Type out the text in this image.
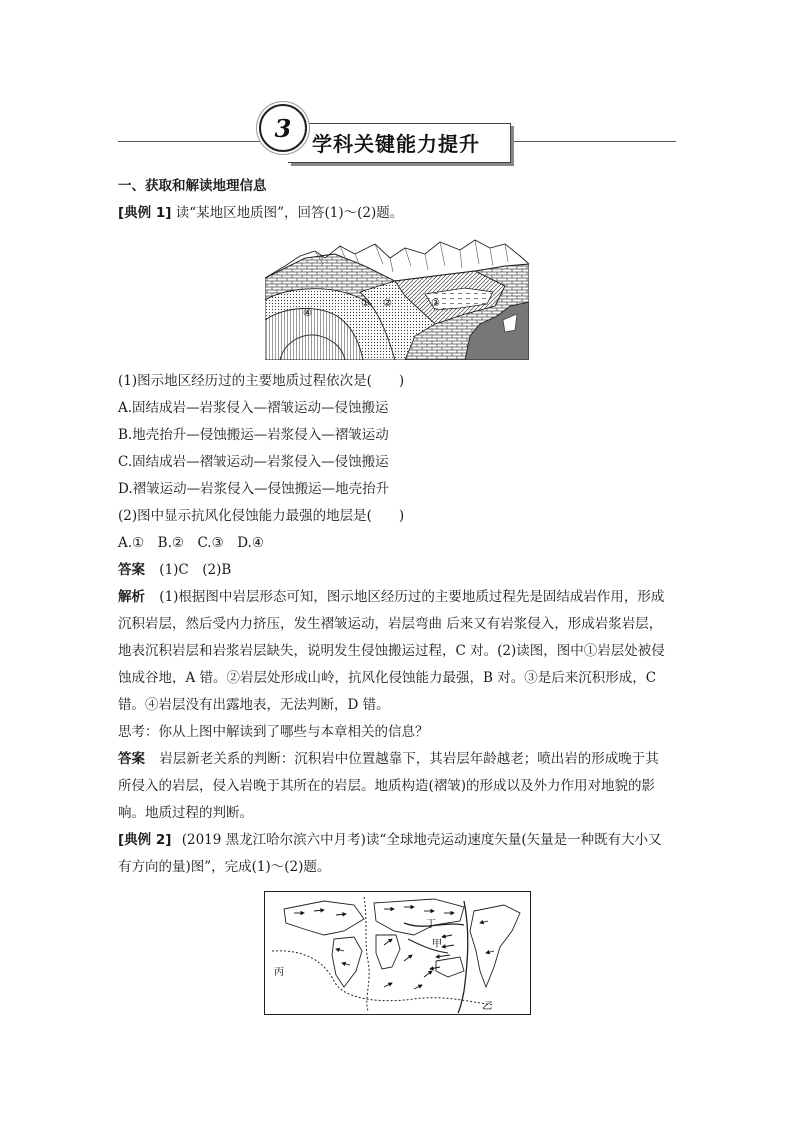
3
学科关键能力提升
一、获取和解读地理信息
[典例 1] 读“某地区地质图”，回答(1)～(2)题。
① ②	③
④
(1)图示地区经历过的主要地质过程依次是(　　)
A.固结成岩—岩浆侵入—褶皱运动—侵蚀搬运
B.地壳抬升—侵蚀搬运—岩浆侵入—褶皱运动
C.固结成岩—褶皱运动—岩浆侵入—侵蚀搬运
D.褶皱运动—岩浆侵入—侵蚀搬运—地壳抬升
(2)图中显示抗风化侵蚀能力最强的地层是(　　)
A.①　B.②　C.③　D.④
答案 (1)C　(2)B
解析 (1)根据图中岩层形态可知，图示地区经历过的主要地质过程先是固结成岩作用，形成
沉积岩层，然后受内力挤压，发生褶皱运动，岩层弯曲 后来又有岩浆侵入，形成岩浆岩层，
地表沉积岩层和岩浆岩层缺失，说明发生侵蚀搬运过程，C 对。(2)读图，图中①岩层处被侵
蚀成谷地，A 错。②岩层处形成山岭，抗风化侵蚀能力最强，B 对。③是后来沉积形成，C
错。④岩层没有出露地表，无法判断，D 错。
思考：你从上图中解读到了哪些与本章相关的信息？
答案 岩层新老关系的判断：沉积岩中位置越靠下，其岩层年龄越老；喷出岩的形成晚于其
所侵入的岩层，侵入岩晚于其所在的岩层。地质构造(褶皱)的形成以及外力作用对地貌的影
响。地质过程的判断。
[典例 2] (2019 黑龙江哈尔滨六中月考)读“全球地壳运动速度矢量(矢量是一种既有大小又
有方向的量)图”，完成(1)～(2)题。
丁
甲
丙
乙
